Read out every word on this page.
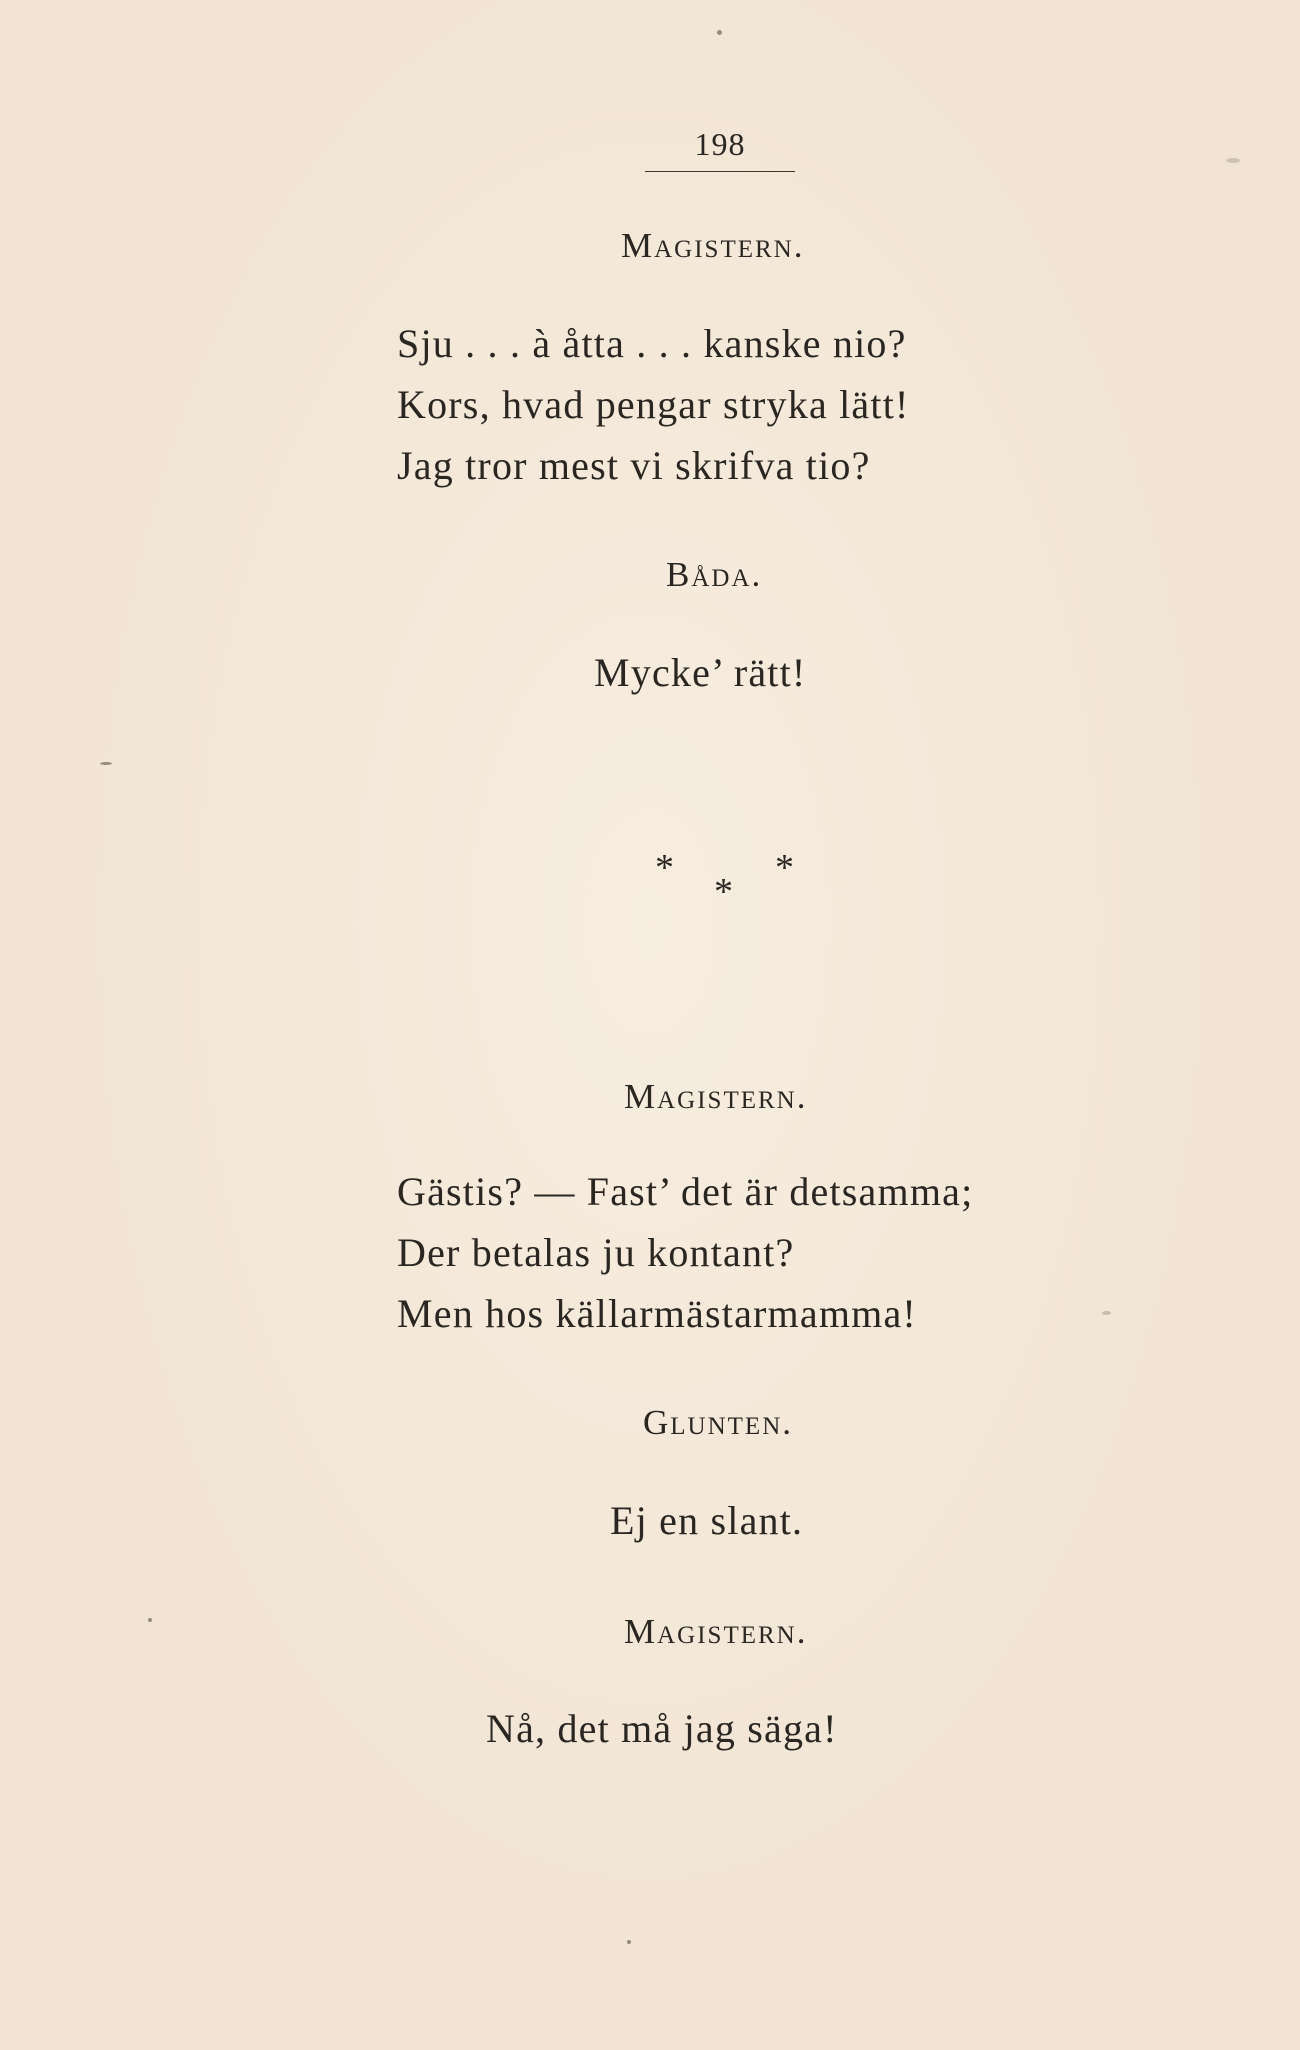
198
Magistern.
Sju . . . à åtta . . . kanske nio?
Kors, hvad pengar stryka lätt!
Jag tror mest vi skrifva tio?
Båda.
Mycke’ rätt!
*
*
*
Magistern.
Gästis? — Fast’ det är detsamma;
Der betalas ju kontant?
Men hos källarmästarmamma!
Glunten.
Ej en slant.
Magistern.
Nå, det må jag säga!
